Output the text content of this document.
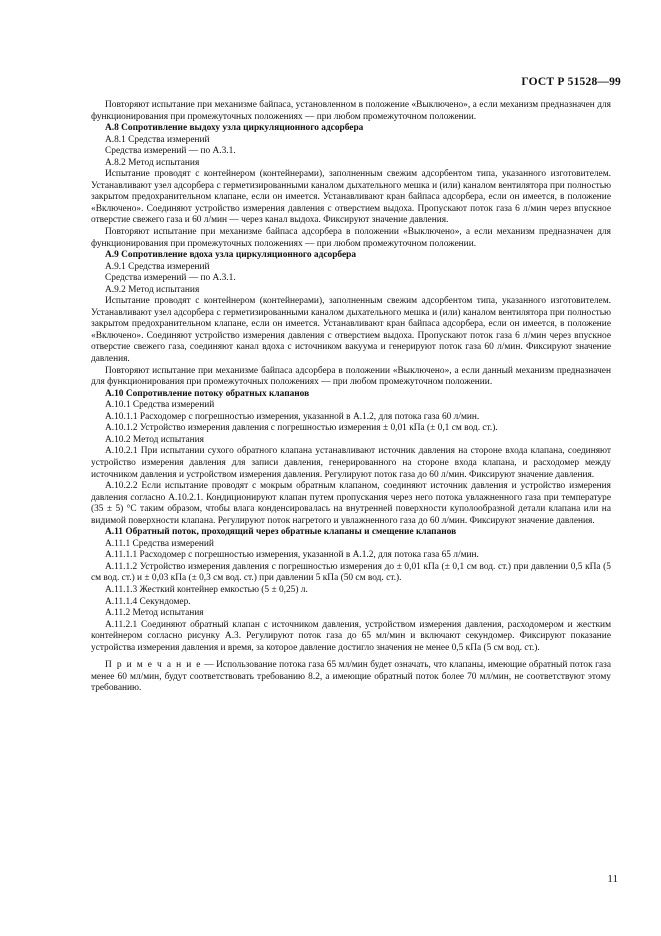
ГОСТ Р 51528—99

Повторяют испытание при механизме байпаса, установленном в положение «Выключено», а если механизм предназначен для функционирования при промежуточных положениях — при любом промежуточном положении.

А.8 Сопротивление выдоху узла циркуляционного адсорбера

А.8.1 Средства измерений

Средства измерений — по А.3.1.

А.8.2 Метод испытания

Испытание проводят с контейнером (контейнерами), заполненным свежим адсорбентом типа, указанного изготовителем. Устанавливают узел адсорбера с герметизированными каналом дыхательного мешка и (или) каналом вентилятора при полностью закрытом предохранительном клапане, если он имеется. Устанавливают кран байпаса адсорбера, если он имеется, в положение «Включено». Соединяют устройство измерения давления с отверстием выдоха. Пропускают поток газа 6 л/мин через впускное отверстие свежего газа и 60 л/мин — через канал выдоха. Фиксируют значение давления.

Повторяют испытание при механизме байпаса адсорбера в положении «Выключено», а если механизм предназначен для функционирования при промежуточных положениях — при любом промежуточном положении.

А.9 Сопротивление вдоха узла циркуляционного адсорбера

А.9.1 Средства измерений

Средства измерений — по А.3.1.

А.9.2 Метод испытания

Испытание проводят с контейнером (контейнерами), заполненным свежим адсорбентом типа, указанного изготовителем. Устанавливают узел адсорбера с герметизированными каналом дыхательного мешка и (или) каналом вентилятора при полностью закрытом предохранительном клапане, если он имеется. Устанавливают кран байпаса адсорбера, если он имеется, в положение «Включено». Соединяют устройство измерения давления с отверстием выдоха. Пропускают поток газа 6 л/мин через впускное отверстие свежего газа, соединяют канал вдоха с источником вакуума и генерируют поток газа 60 л/мин. Фиксируют значение давления.

Повторяют испытание при механизме байпаса адсорбера в положении «Выключено», а если данный механизм предназначен для функционирования при промежуточных положениях — при любом промежуточном положении.

А.10 Сопротивление потоку обратных клапанов

А.10.1 Средства измерений

А.10.1.1 Расходомер с погрешностью измерения, указанной в А.1.2, для потока газа 60 л/мин.

А.10.1.2 Устройство измерения давления с погрешностью измерения ± 0,01 кПа (± 0,1 см вод. ст.).

А.10.2 Метод испытания

А.10.2.1 При испытании сухого обратного клапана устанавливают источник давления на стороне входа клапана, соединяют устройство измерения давления для записи давления, генерированного на стороне входа клапана, и расходомер между источником давления и устройством измерения давления. Регулируют поток газа до 60 л/мин. Фиксируют значение давления.

А.10.2.2 Если испытание проводят с мокрым обратным клапаном, соединяют источник давления и устройство измерения давления согласно А.10.2.1. Кондиционируют клапан путем пропускания через него потока увлажненного газа при температуре (35 ± 5) °С таким образом, чтобы влага конденсировалась на внутренней поверхности куполообразной детали клапана или на видимой поверхности клапана. Регулируют поток нагретого и увлажненного газа до 60 л/мин. Фиксируют значение давления.

А.11 Обратный поток, проходящий через обратные клапаны и смещение клапанов

А.11.1 Средства измерений

А.11.1.1 Расходомер с погрешностью измерения, указанной в А.1.2, для потока газа 65 л/мин.

А.11.1.2 Устройство измерения давления с погрешностью измерения до ± 0,01 кПа (± 0,1 см вод. ст.) при давлении 0,5 кПа (5 см вод. ст.) и ± 0,03 кПа (± 0,3 см вод. ст.) при давлении 5 кПа (50 см вод. ст.).

А.11.1.3 Жесткий контейнер емкостью (5 ± 0,25) л.

А.11.1.4 Секундомер.

А.11.2 Метод испытания

А.11.2.1 Соединяют обратный клапан с источником давления, устройством измерения давления, расходомером и жестким контейнером согласно рисунку А.3. Регулируют поток газа до 65 мл/мин и включают секундомер. Фиксируют показание устройства измерения давления и время, за которое давление достигло значения не менее 0,5 кПа (5 см вод. ст.).

П р и м е ч а н и е — Использование потока газа 65 мл/мин будет означать, что клапаны, имеющие обратный поток газа менее 60 мл/мин, будут соответствовать требованию 8.2, а имеющие обратный поток более 70 мл/мин, не соответствуют этому требованию.

11
